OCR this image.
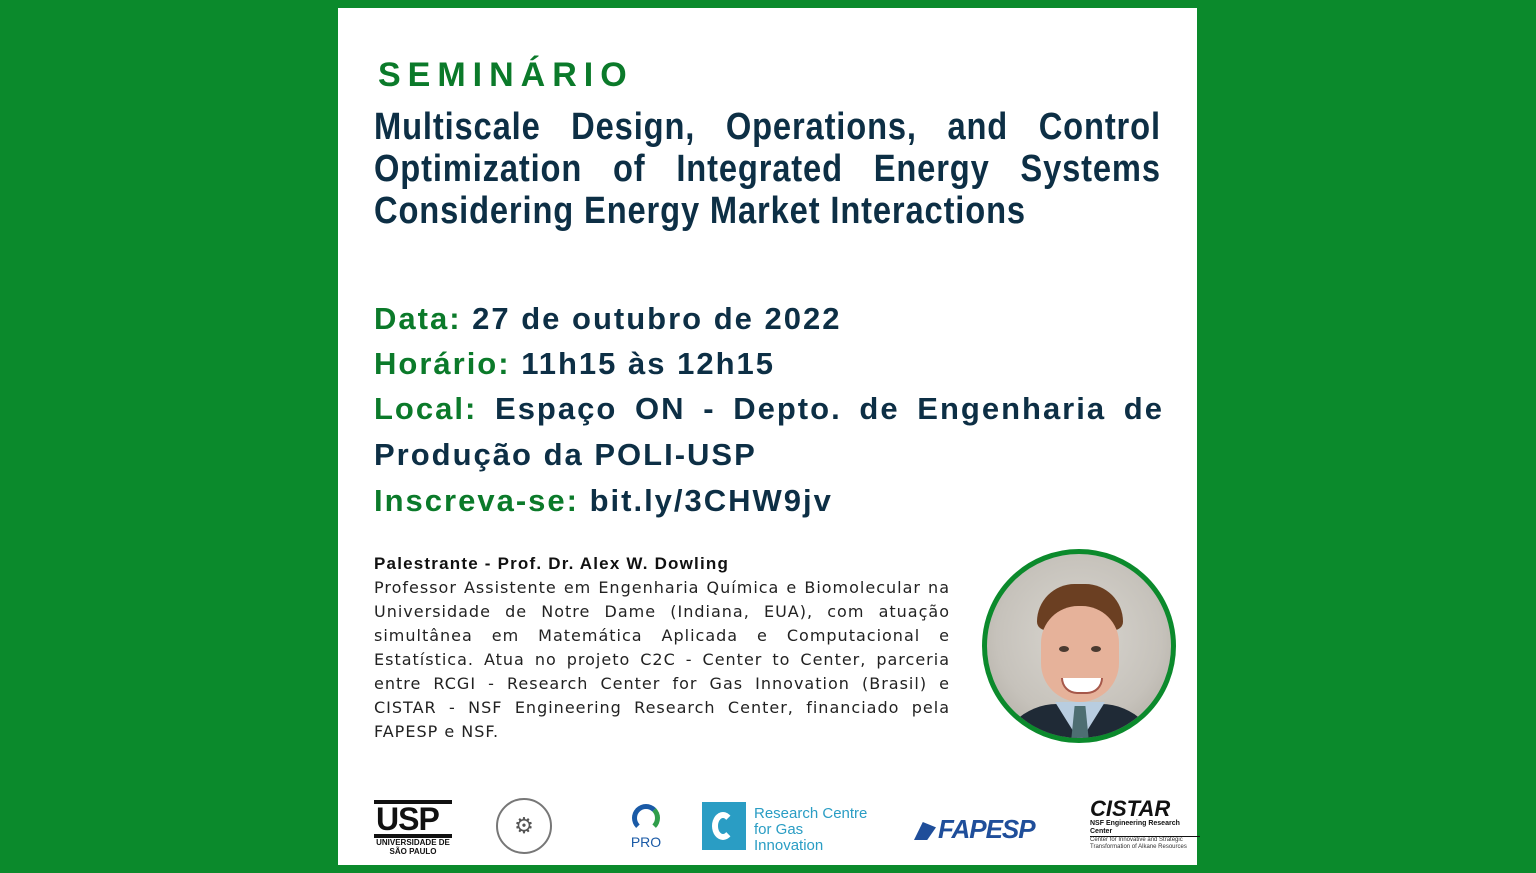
SEMINÁRIO
Multiscale Design, Operations, and Control Optimization of Integrated Energy Systems Considering Energy Market Interactions
Data: 27 de outubro de 2022
Horário: 11h15 às 12h15
Local: Espaço ON - Depto. de Engenharia de Produção da POLI-USP
Inscreva-se: bit.ly/3CHW9jv
Palestrante - Prof. Dr. Alex W. Dowling
Professor Assistente em Engenharia Química e Biomolecular na Universidade de Notre Dame (Indiana, EUA), com atuação simultânea em Matemática Aplicada e Computacional e Estatística. Atua no projeto C2C - Center to Center, parceria entre RCGI - Research Center for Gas Innovation (Brasil) e CISTAR - NSF Engineering Research Center, financiado pela FAPESP e NSF.
USP
UNIVERSIDADE DE SÃO PAULO
⚙
PRO
Research Centre for Gas Innovation
FAPESP
CISTAR
NSF Engineering Research Center
Center for Innovative and Strategic Transformation of Alkane Resources
